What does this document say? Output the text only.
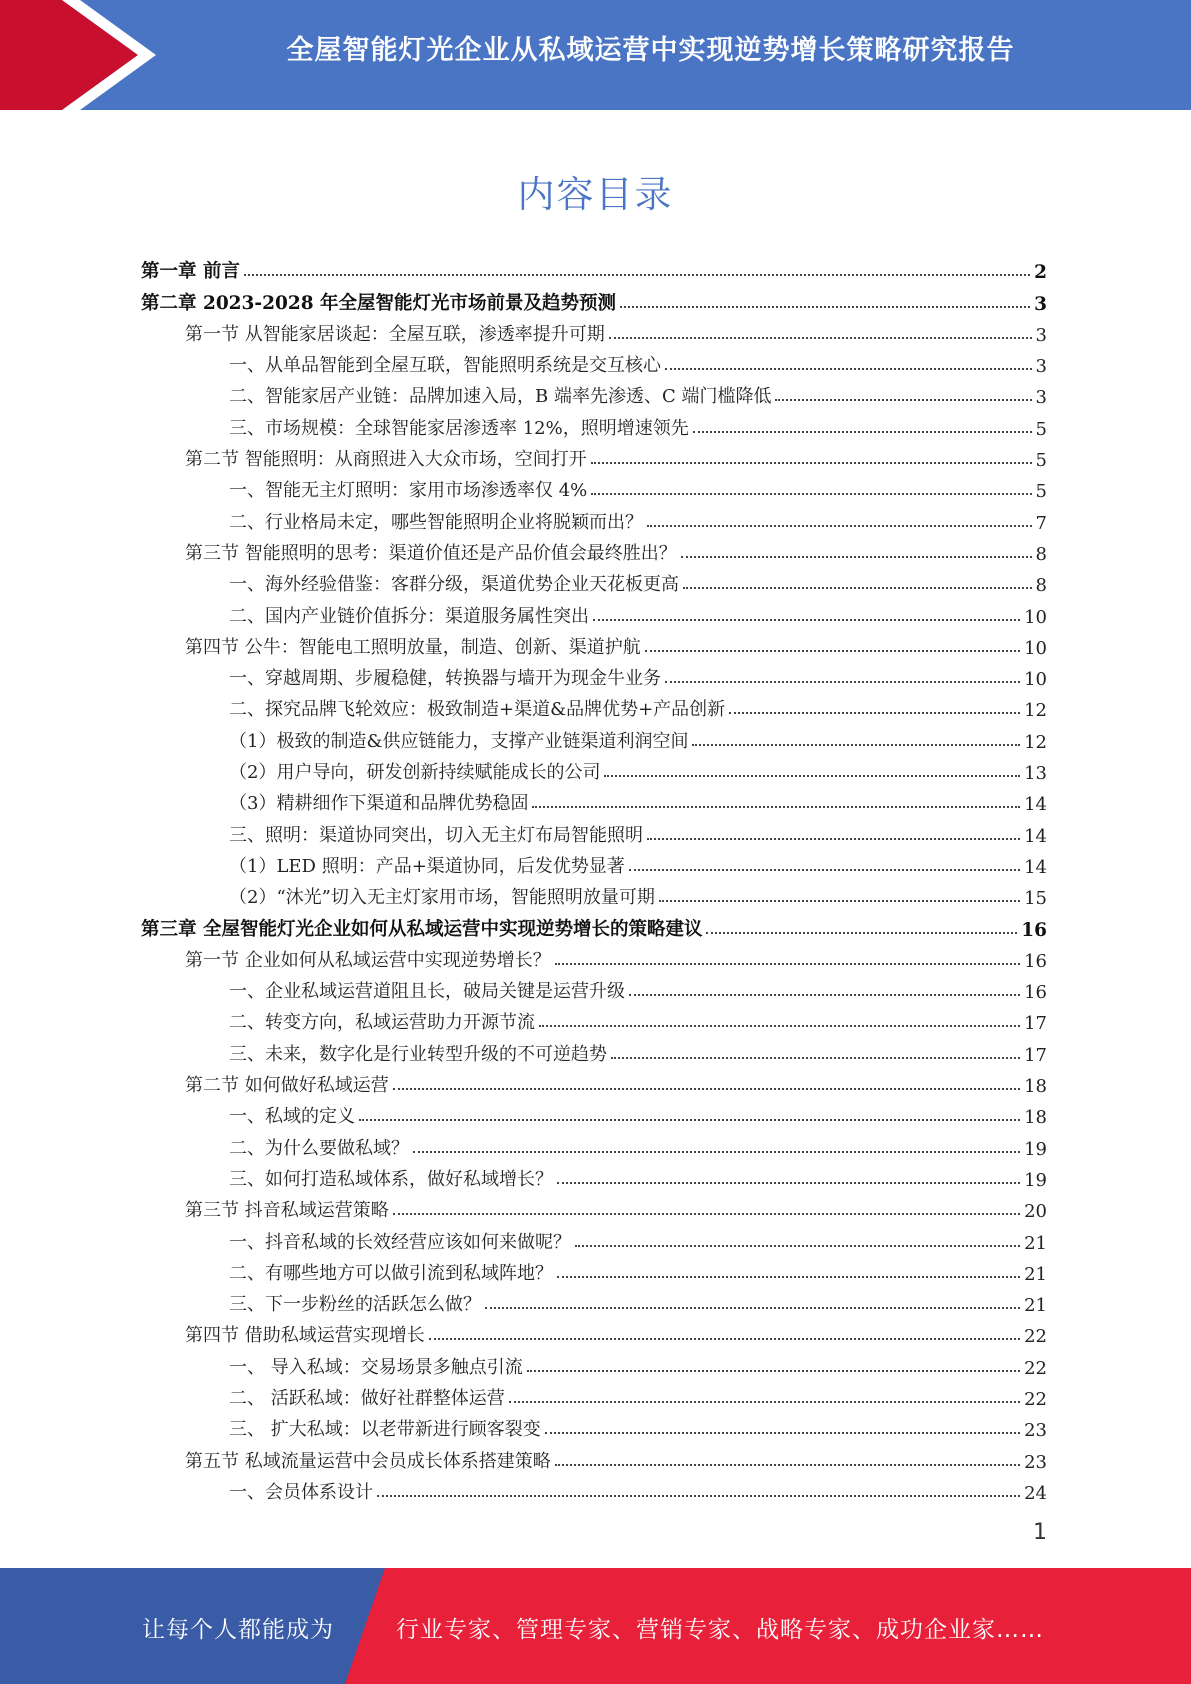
全屋智能灯光企业从私域运营中实现逆势增长策略研究报告
内容目录
第一章 前言	2
第二章 2023-2028 年全屋智能灯光市场前景及趋势预测	3
第一节 从智能家居谈起：全屋互联，渗透率提升可期	3
一、从单品智能到全屋互联，智能照明系统是交互核心	3
二、智能家居产业链：品牌加速入局，B 端率先渗透、C 端门槛降低	3
三、市场规模：全球智能家居渗透率 12%，照明增速领先	5
第二节 智能照明：从商照进入大众市场，空间打开	5
一、智能无主灯照明：家用市场渗透率仅 4%	5
二、行业格局未定，哪些智能照明企业将脱颖而出？	7
第三节 智能照明的思考：渠道价值还是产品价值会最终胜出？	8
一、海外经验借鉴：客群分级，渠道优势企业天花板更高	8
二、国内产业链价值拆分：渠道服务属性突出	10
第四节 公牛：智能电工照明放量，制造、创新、渠道护航	10
一、穿越周期、步履稳健，转换器与墙开为现金牛业务	10
二、探究品牌飞轮效应：极致制造+渠道&品牌优势+产品创新	12
（1）极致的制造&供应链能力，支撑产业链渠道利润空间	12
（2）用户导向，研发创新持续赋能成长的公司	13
（3）精耕细作下渠道和品牌优势稳固	14
三、照明：渠道协同突出，切入无主灯布局智能照明	14
（1）LED 照明：产品+渠道协同，后发优势显著	14
（2）“沐光”切入无主灯家用市场，智能照明放量可期	15
第三章 全屋智能灯光企业如何从私域运营中实现逆势增长的策略建议	16
第一节 企业如何从私域运营中实现逆势增长？	16
一、企业私域运营道阻且长，破局关键是运营升级	16
二、转变方向，私域运营助力开源节流	17
三、未来，数字化是行业转型升级的不可逆趋势	17
第二节 如何做好私域运营	18
一、私域的定义	18
二、为什么要做私域？	19
三、如何打造私域体系，做好私域增长？	19
第三节 抖音私域运营策略	20
一、抖音私域的长效经营应该如何来做呢？	21
二、有哪些地方可以做引流到私域阵地？	21
三、下一步粉丝的活跃怎么做？	21
第四节 借助私域运营实现增长	22
一、 导入私域：交易场景多触点引流	22
二、 活跃私域：做好社群整体运营	22
三、 扩大私域：以老带新进行顾客裂变	23
第五节 私域流量运营中会员成长体系搭建策略	23
一、会员体系设计	24
1
让每个人都能成为	行业专家、管理专家、营销专家、战略专家、成功企业家……
